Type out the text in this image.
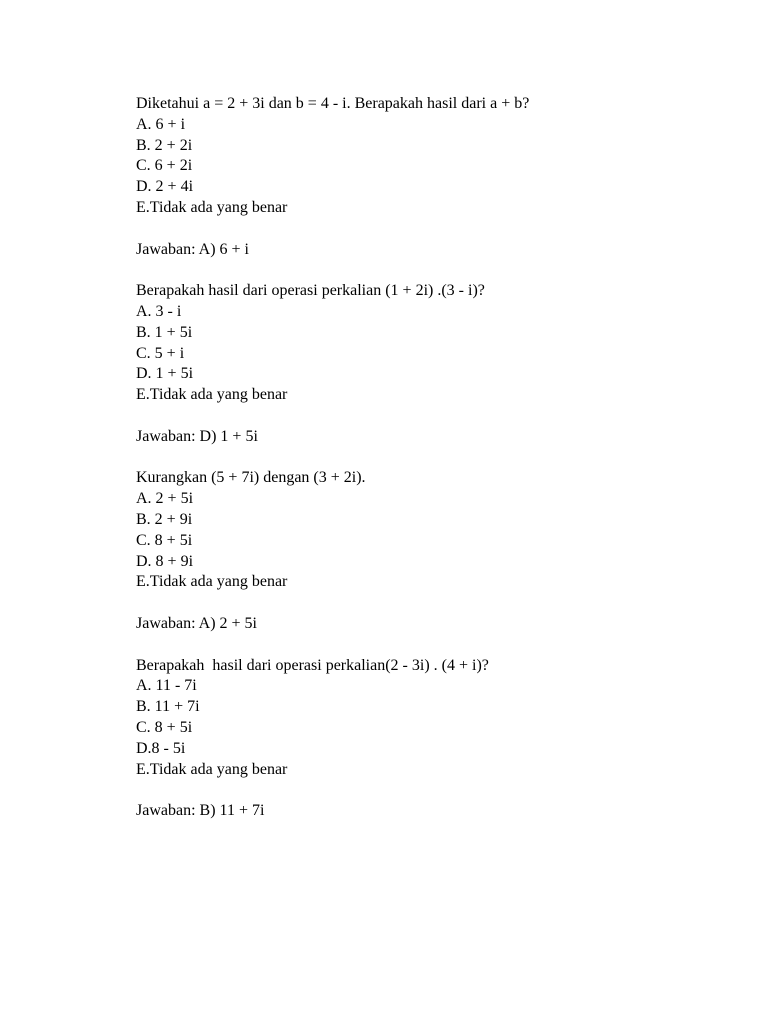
Diketahui a = 2 + 3i dan b = 4 - i. Berapakah hasil dari a + b?
A. 6 + i
B. 2 + 2i
C. 6 + 2i
D. 2 + 4i
E.Tidak ada yang benar
Jawaban: A) 6 + i
Berapakah hasil dari operasi perkalian (1 + 2i) .(3 - i)?
A. 3 - i
B. 1 + 5i
C. 5 + i
D. 1 + 5i
E.Tidak ada yang benar
Jawaban: D) 1 + 5i
Kurangkan (5 + 7i) dengan (3 + 2i).
A. 2 + 5i
B. 2 + 9i
C. 8 + 5i
D. 8 + 9i
E.Tidak ada yang benar
Jawaban: A) 2 + 5i
Berapakah  hasil dari operasi perkalian(2 - 3i) . (4 + i)?
A. 11 - 7i
B. 11 + 7i
C. 8 + 5i
D.8 - 5i
E.Tidak ada yang benar
Jawaban: B) 11 + 7i
